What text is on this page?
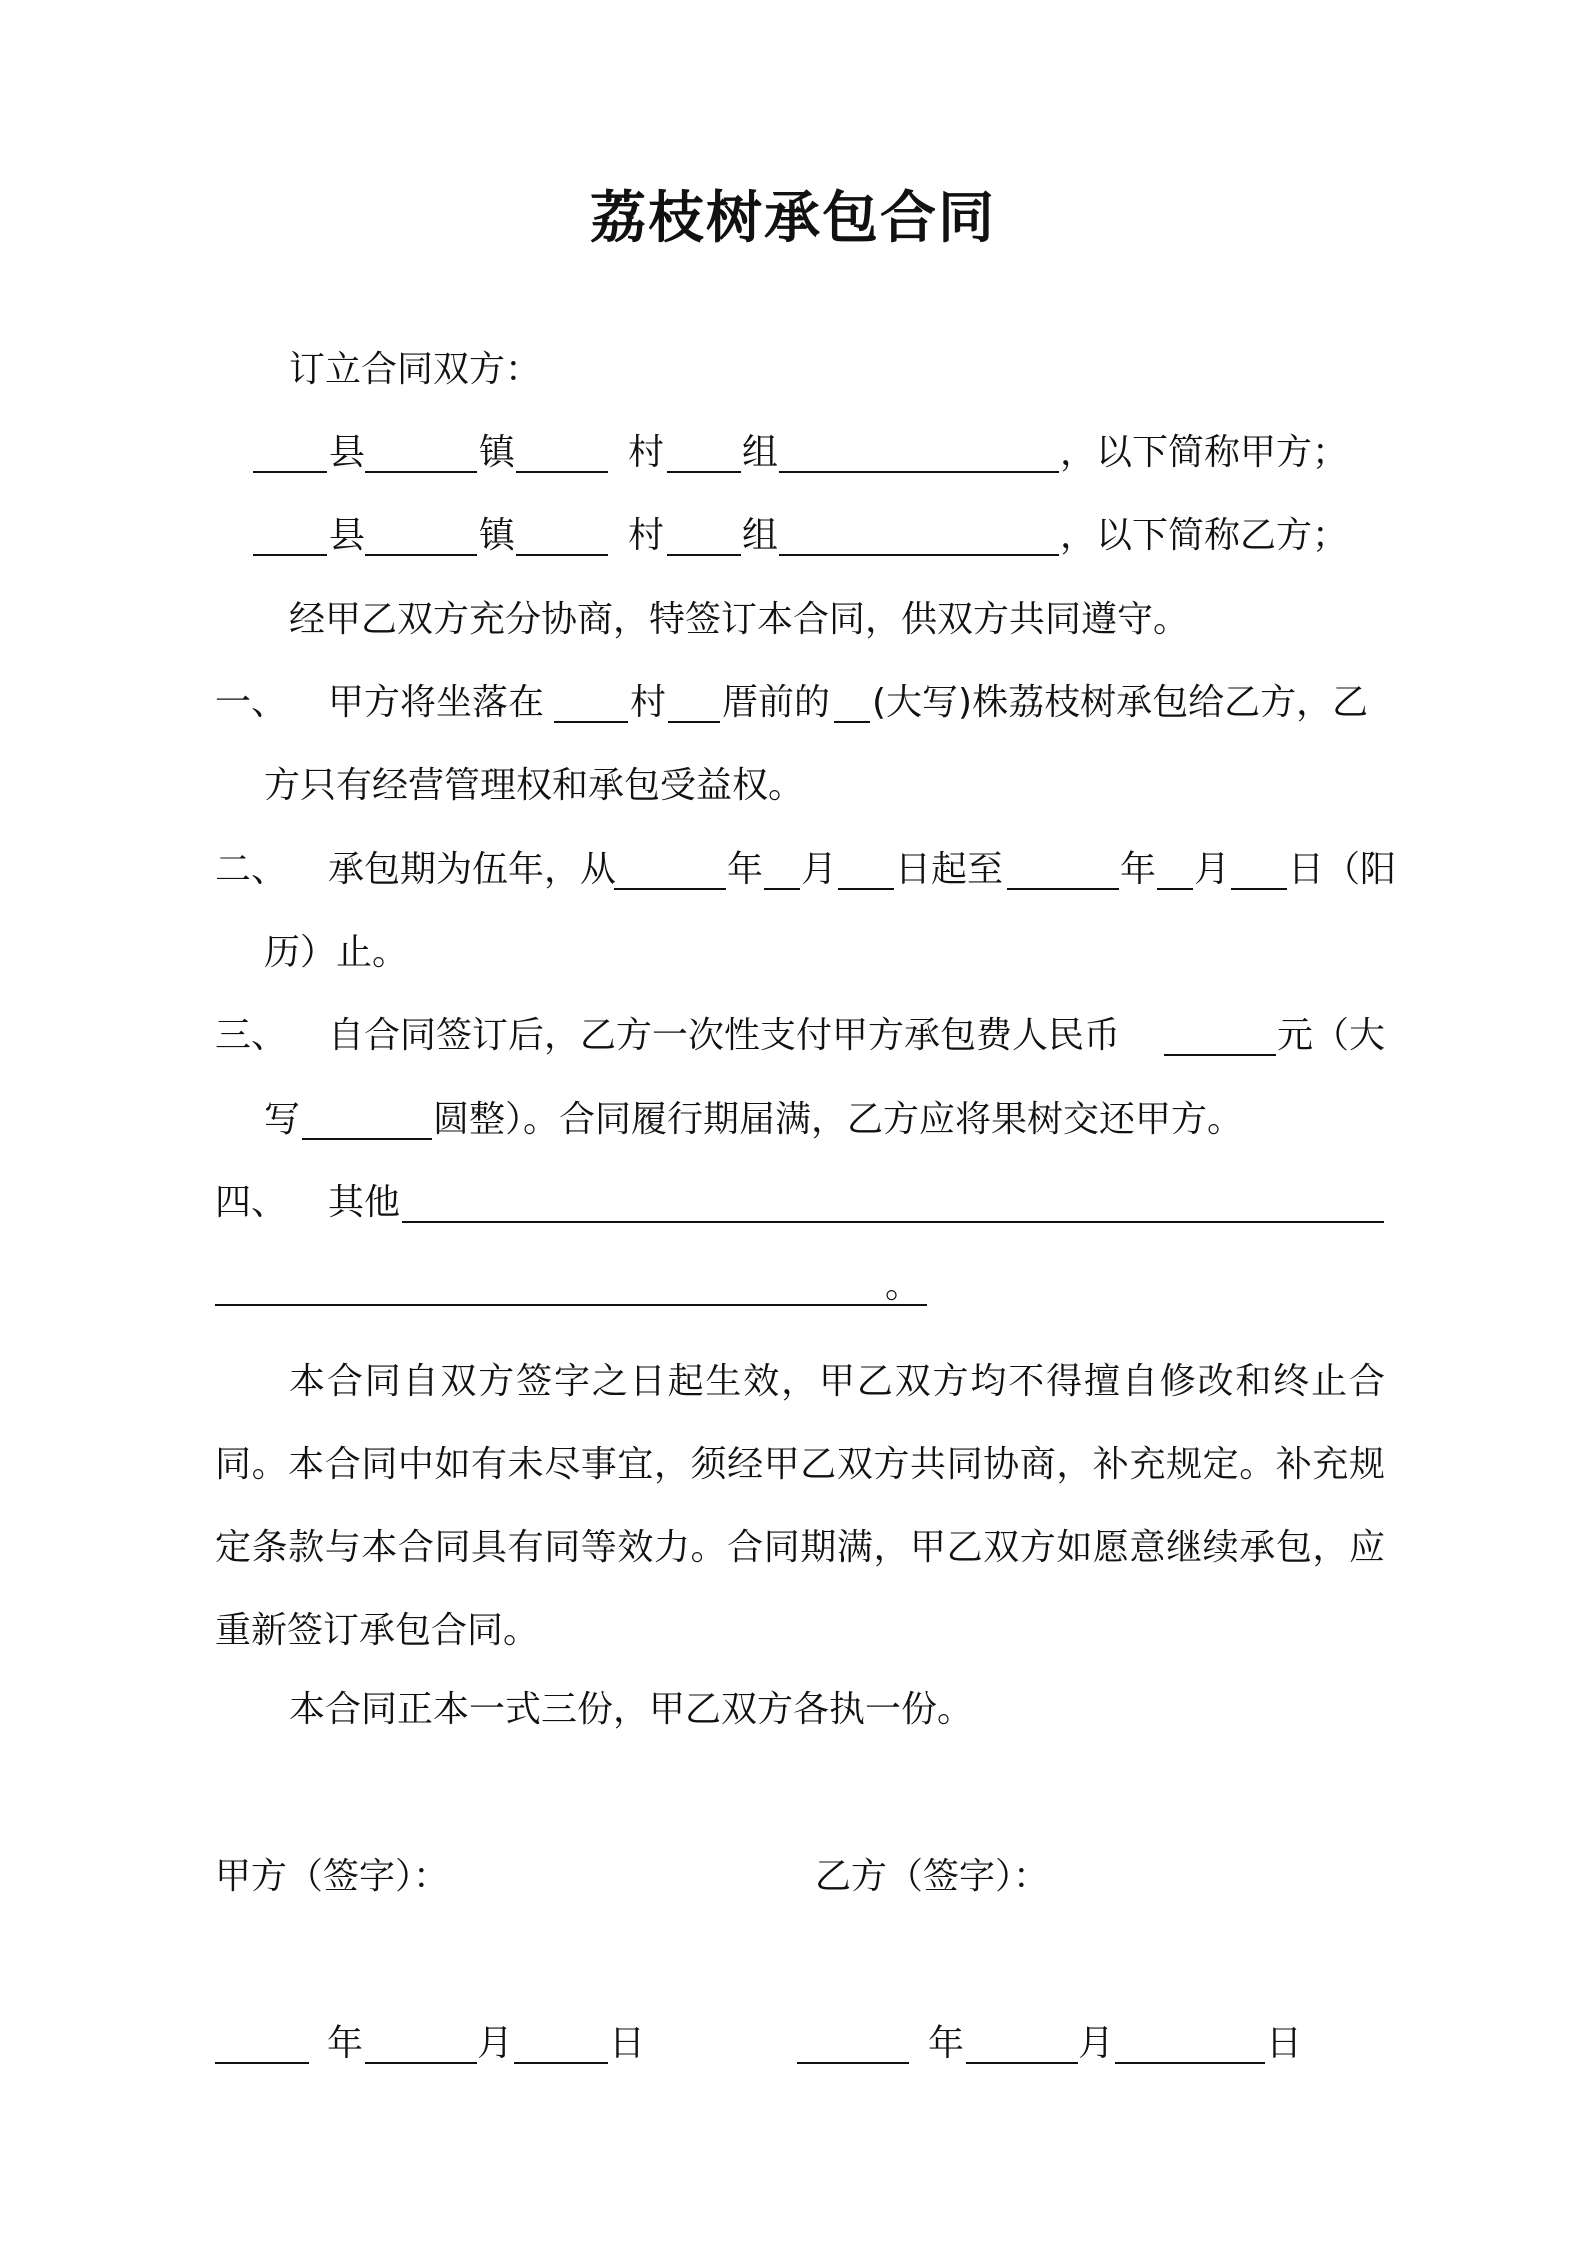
荔枝树承包合同
订立合同双方：
县	镇	村 组	，以下简称甲方；
县	镇	村 组	，以下简称乙方；
经甲乙双方充分协商，特签订本合同，供双方共同遵守。
一、 甲方将坐落在 村 厝前的 (大写)株荔枝树承包给乙方，乙
方只有经营管理权和承包受益权。
二、 承包期为伍年，从	年 月 日起至	年 月 日（阳
历）止。
三、 自合同签订后，乙方一次性支付甲方承包费人民币	元（大
写	圆整）。合同履行期届满，乙方应将果树交还甲方。
四、 其他
。

本合同自双方签字之日起生效，甲乙双方均不得擅自修改和终止合同。本合同中如有未尽事宜，须经甲乙双方共同协商，补充规定。补充规定条款与本合同具有同等效力。合同期满，甲乙双方如愿意继续承包，应重新签订承包合同。

本合同正本一式三份，甲乙双方各执一份。
甲方（签字）：	乙方（签字）：
年	月	日	年	月	日
